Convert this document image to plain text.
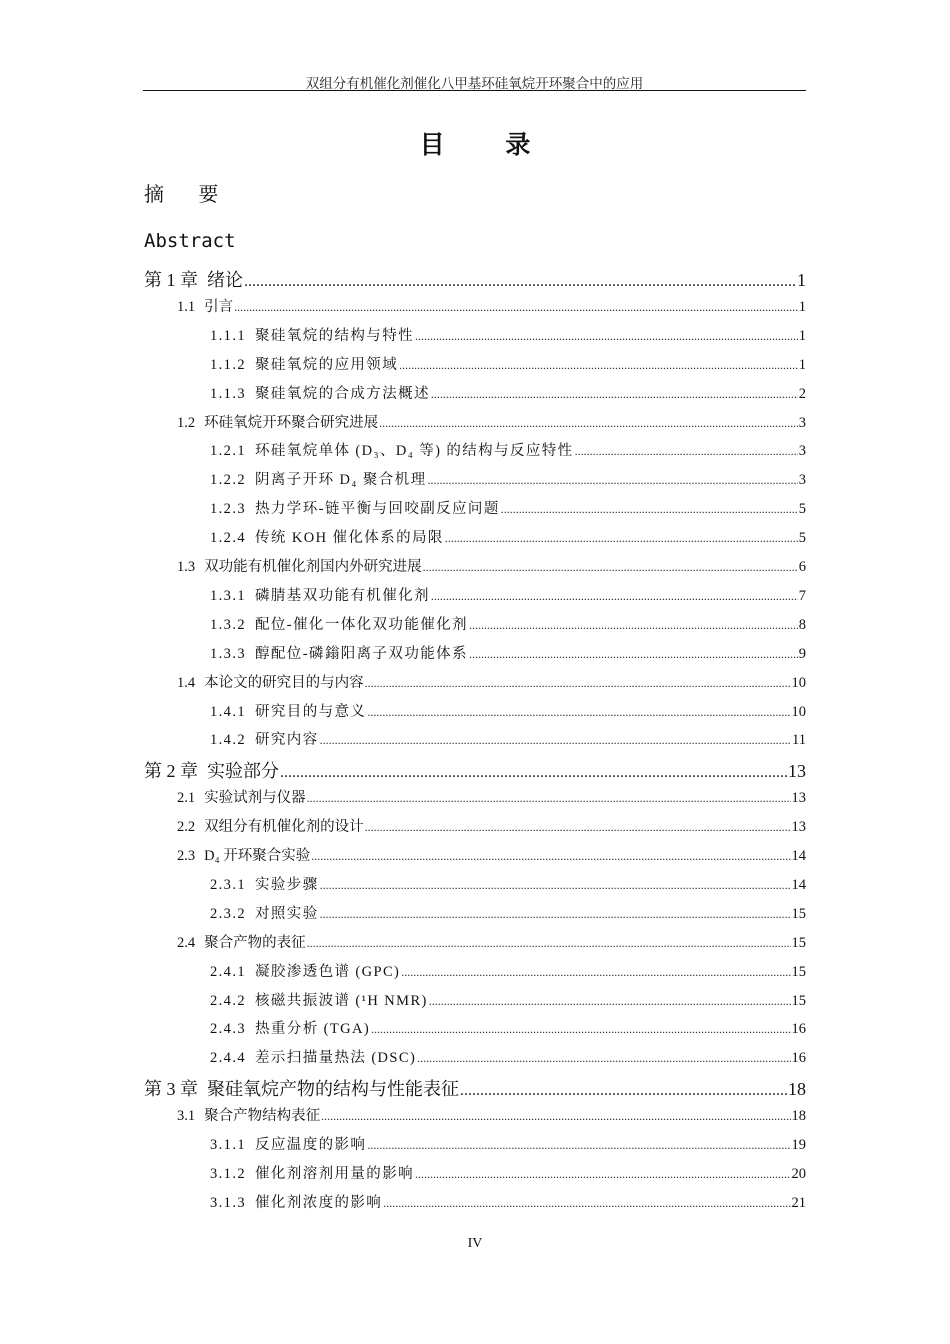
双组分有机催化剂催化八甲基环硅氧烷开环聚合中的应用
目 录
摘 要
Abstract
第 1 章 绪论 .....	1
1.1 引言 .....	1
1.1.1 聚硅氧烷的结构与特性 .....	1
1.1.2 聚硅氧烷的应用领域 .....	1
1.1.3 聚硅氧烷的合成方法概述 .....	2
1.2 环硅氧烷开环聚合研究进展 .....	3
1.2.1 环硅氧烷单体 (D₃、D₄ 等) 的结构与反应特性 .....	3
1.2.2 阴离子开环 D₄ 聚合机理 .....	3
1.2.3 热力学环-链平衡与回咬副反应问题 .....	5
1.2.4 传统 KOH 催化体系的局限 .....	5
1.3 双功能有机催化剂国内外研究进展 .....	6
1.3.1 磷腈基双功能有机催化剂 .....	7
1.3.2 配位-催化一体化双功能催化剂 .....	8
1.3.3 醇配位-磷鎓阳离子双功能体系 .....	9
1.4 本论文的研究目的与内容 .....	10
1.4.1 研究目的与意义 .....	10
1.4.2 研究内容 .....	11
第 2 章 实验部分 .....	13
2.1 实验试剂与仪器 .....	13
2.2 双组分有机催化剂的设计 .....	13
2.3 D₄ 开环聚合实验 .....	14
2.3.1 实验步骤 .....	14
2.3.2 对照实验 .....	15
2.4 聚合产物的表征 .....	15
2.4.1 凝胶渗透色谱 (GPC) .....	15
2.4.2 核磁共振波谱 (¹H NMR) .....	15
2.4.3 热重分析 (TGA) .....	16
2.4.4 差示扫描量热法 (DSC) .....	16
第 3 章 聚硅氧烷产物的结构与性能表征 .....	18
3.1 聚合产物结构表征 .....	18
3.1.1 反应温度的影响 .....	19
3.1.2 催化剂溶剂用量的影响 .....	20
3.1.3 催化剂浓度的影响 .....	21
IV
